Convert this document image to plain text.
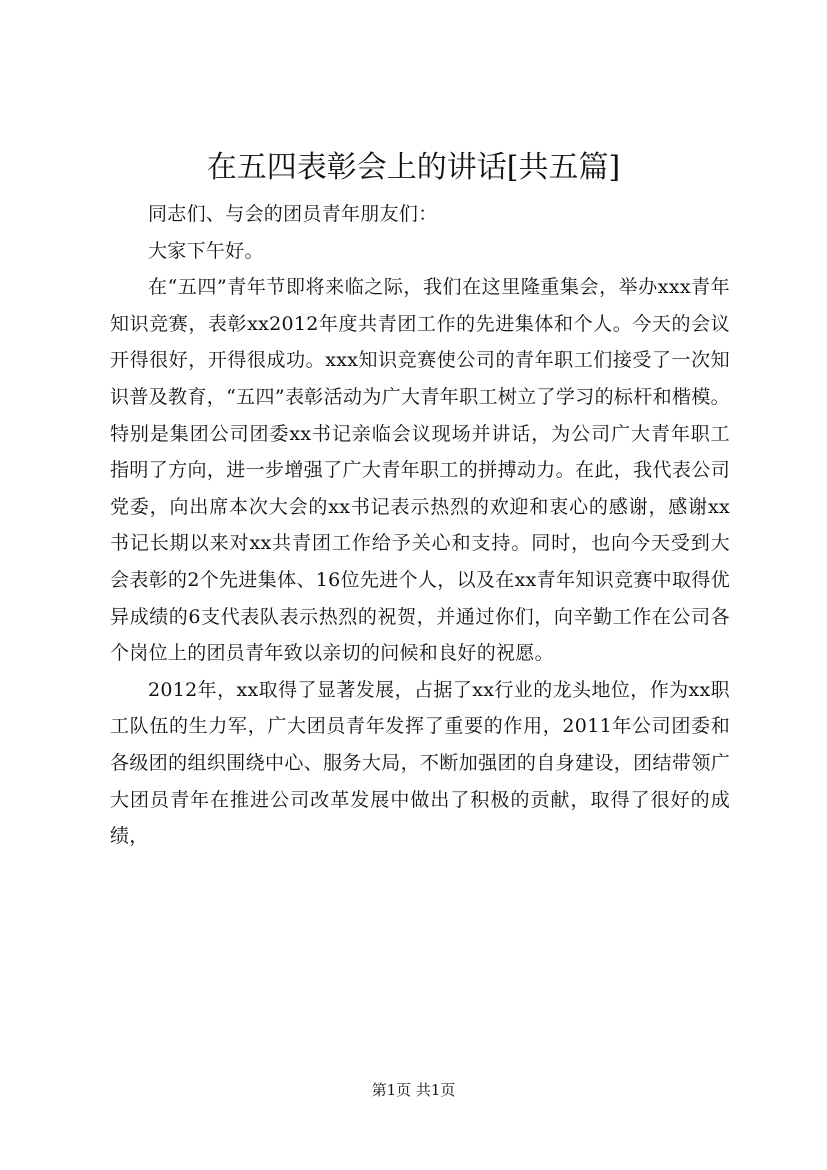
在五四表彰会上的讲话[共五篇]

同志们、与会的团员青年朋友们：

大家下午好。

在“五四”青年节即将来临之际，我们在这里隆重集会，举办xxx青年知识竞赛，表彰xx2012年度共青团工作的先进集体和个人。今天的会议开得很好，开得很成功。xxx知识竞赛使公司的青年职工们接受了一次知识普及教育，“五四”表彰活动为广大青年职工树立了学习的标杆和楷模。特别是集团公司团委xx书记亲临会议现场并讲话，为公司广大青年职工指明了方向，进一步增强了广大青年职工的拼搏动力。在此，我代表公司党委，向出席本次大会的xx书记表示热烈的欢迎和衷心的感谢，感谢xx书记长期以来对xx共青团工作给予关心和支持。同时，也向今天受到大会表彰的2个先进集体、16位先进个人，以及在xx青年知识竞赛中取得优异成绩的6支代表队表示热烈的祝贺，并通过你们，向辛勤工作在公司各个岗位上的团员青年致以亲切的问候和良好的祝愿。

2012年，xx取得了显著发展，占据了xx行业的龙头地位，作为xx职工队伍的生力军，广大团员青年发挥了重要的作用，2011年公司团委和各级团的组织围绕中心、服务大局，不断加强团的自身建设，团结带领广大团员青年在推进公司改革发展中做出了积极的贡献，取得了很好的成绩，

第1页 共1页
